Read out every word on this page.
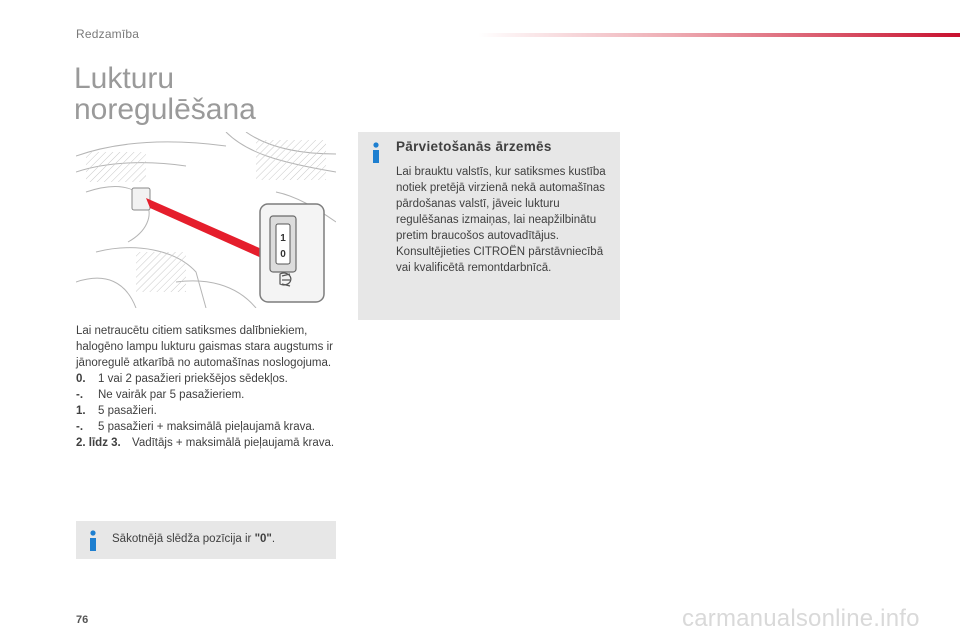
Redzamība
Lukturu
noregulēšana
1
0

Lai netraucētu citiem satiksmes dalībniekiem, halogēno lampu lukturu gaismas stara augstums ir jānoregulē atkarībā no automašīnas noslogojuma.

0.	1 vai 2 pasažieri priekšējos sēdekļos.
-.	Ne vairāk par 5 pasažieriem.
1.	5 pasažieri.
-.	5 pasažieri + maksimālā pieļaujamā krava.
2. līdz 3. Vadītājs + maksimālā pieļaujamā krava.
Sākotnējā slēdža pozīcija ir "0".
Pārvietošanās ārzemēs

Lai brauktu valstīs, kur satiksmes kustība notiek pretējā virzienā nekā automašīnas pārdošanas valstī, jāveic lukturu regulēšanas izmaiņas, lai neapžilbinātu pretim braucošos autovadītājus.

Konsultējieties CITROËN pārstāvniecībā vai kvalificētā remontdarbnīcā.

76	carmanualsonline.info
